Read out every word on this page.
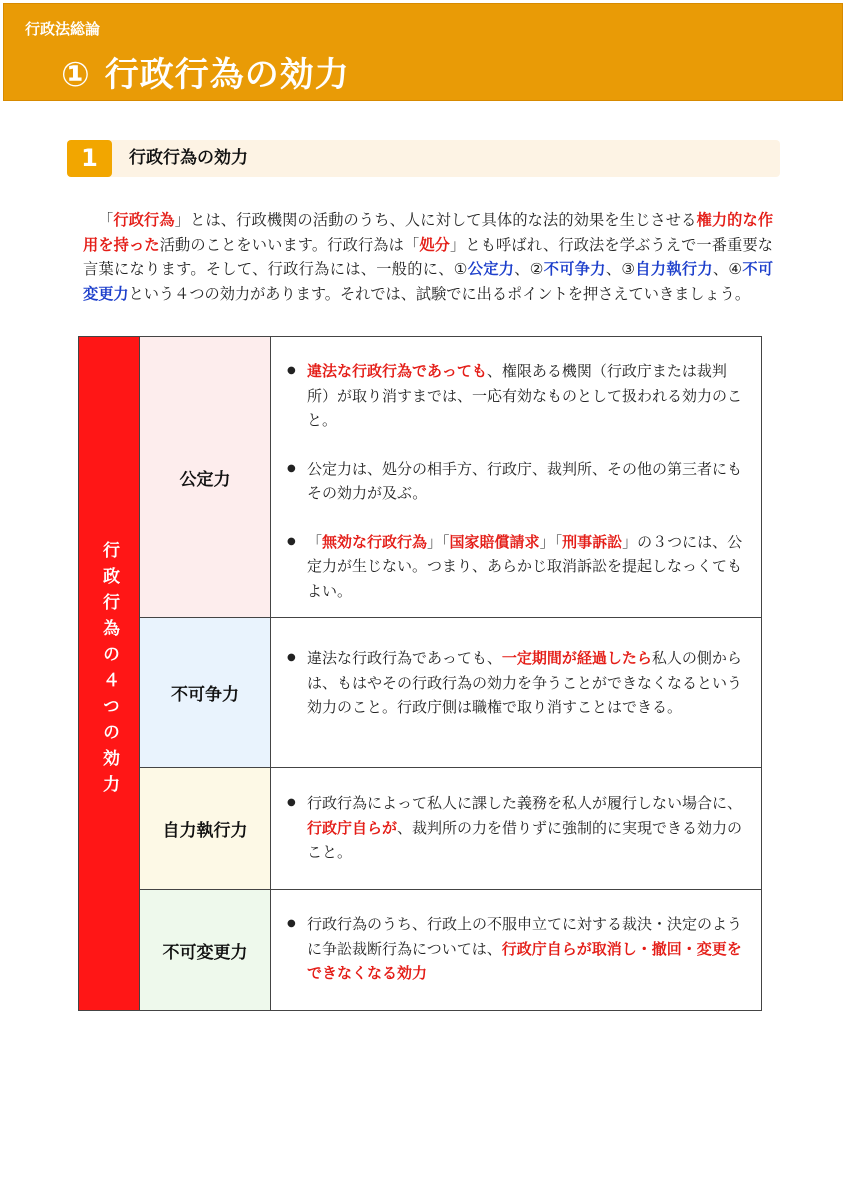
行政法総論
① 行政行為の効力
1	行政行為の効力

「行政行為」とは、行政機関の活動のうち、人に対して具体的な法的効果を生じさせる権力的な作用を持った活動のことをいいます。行政行為は「処分」とも呼ばれ、行政法を学ぶうえで一番重要な言葉になります。そして、行政行為には、一般的に、①公定力、②不可争力、③自力執行力、④不可変更力という４つの効力があります。それでは、試験でに出るポイントを押さえていきましょう。

行政行為の４つの効力
公定力
● 違法な行政行為であっても、権限ある機関（行政庁または裁判所）が取り消すまでは、一応有効なものとして扱われる効力のこと。
● 公定力は、処分の相手方、行政庁、裁判所、その他の第三者にもその効力が及ぶ。
● 「無効な行政行為」「国家賠償請求」「刑事訴訟」の３つには、公定力が生じない。つまり、あらかじ取消訴訟を提起しなっくてもよい。
不可争力
● 違法な行政行為であっても、一定期間が経過したら私人の側からは、もはやその行政行為の効力を争うことができなくなるという効力のこと。行政庁側は職権で取り消すことはできる。
自力執行力
● 行政行為によって私人に課した義務を私人が履行しない場合に、行政庁自らが、裁判所の力を借りずに強制的に実現できる効力のこと。
不可変更力
● 行政行為のうち、行政上の不服申立てに対する裁決・決定のように争訟裁断行為については、行政庁自らが取消し・撤回・変更をできなくなる効力
